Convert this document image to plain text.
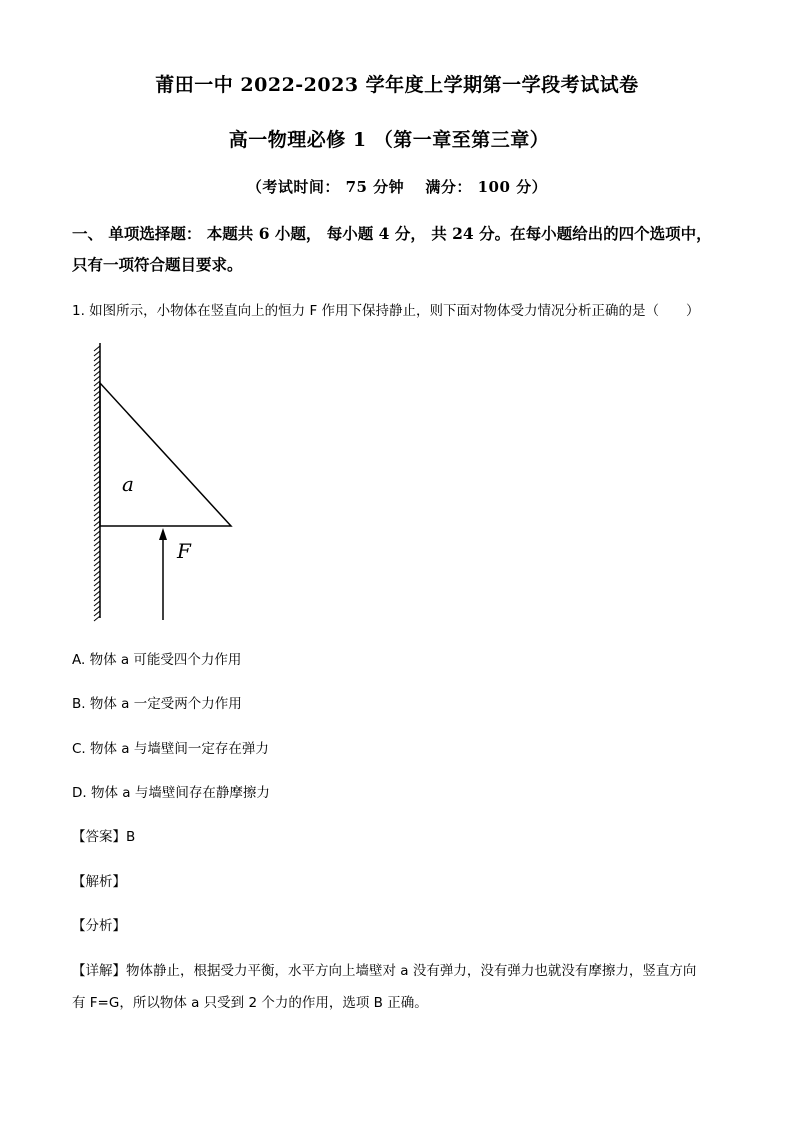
莆田一中 2022-2023 学年度上学期第一学段考试试卷
高一物理必修 1 （第一章至第三章）
（考试时间： 75 分钟　 满分： 100 分）
一、 单项选择题： 本题共 6 小题， 每小题 4 分， 共 24 分。在每小题给出的四个选项中，
只有一项符合题目要求。
1. 如图所示，小物体在竖直向上的恒力 F 作用下保持静止，则下面对物体受力情况分析正确的是（　　）
a
F
A. 物体 a 可能受四个力作用
B. 物体 a 一定受两个力作用
C. 物体 a 与墙壁间一定存在弹力
D. 物体 a 与墙壁间存在静摩擦力
【答案】B
【解析】
【分析】
【详解】物体静止，根据受力平衡，水平方向上墙壁对 a 没有弹力，没有弹力也就没有摩擦力，竖直方向
有 F=G，所以物体 a 只受到 2 个力的作用，选项 B 正确。
